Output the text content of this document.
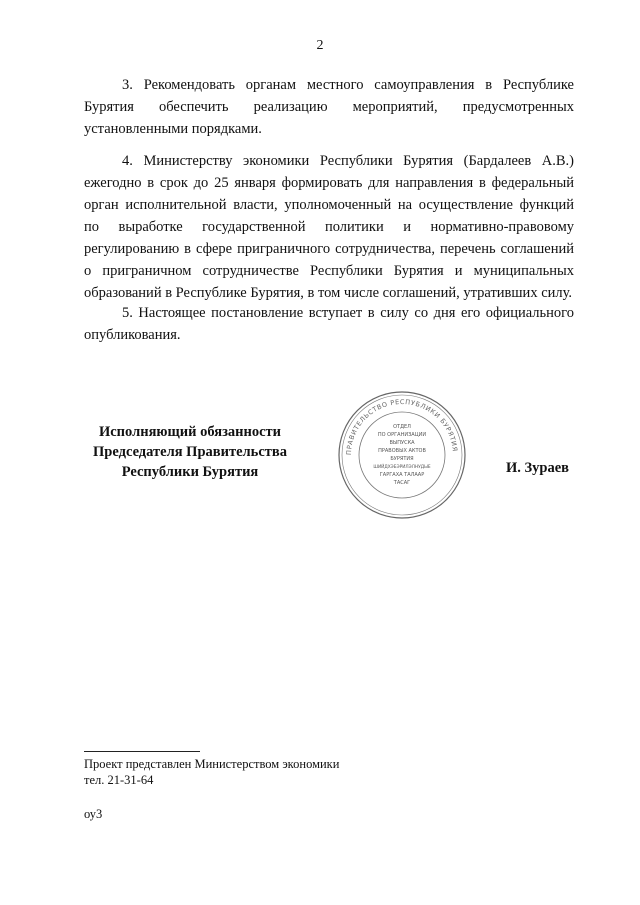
2

3. Рекомендовать органам местного самоуправления в Республике Бурятия обеспечить реализацию мероприятий, предусмотренных установленными порядками.

4. Министерству экономики Республики Бурятия (Бардалеев А.В.) ежегодно в срок до 25 января формировать для направления в федеральный орган исполнительной власти, уполномоченный на осуществление функций по выработке государственной политики и нормативно-правовому регулированию в сфере приграничного сотрудничества, перечень соглашений о приграничном сотрудничестве Республики Бурятия и муниципальных образований в Республике Бурятия, в том числе соглашений, утративших силу.

5. Настоящее постановление вступает в силу со дня его официального опубликования.

Исполняющий обязанности
Председателя Правительства
Республики Бурятия
ПРАВИТЕЛЬСТВО РЕСПУБЛИКИ БУРЯТИЯ
ОТДЕЛ
ПО ОРГАНИЗАЦИИ
ВЫПУСКА
ПРАВОВЫХ АКТОВ
БУРЯТИЯ
ШИЙДХЭБЭРИЛЭЛНУДЫЕ
ГАРГАХА ТАЛААР
ТАСАГ
И. Зураев
Проект представлен Министерством экономики
тел. 21-31-64
оу3
